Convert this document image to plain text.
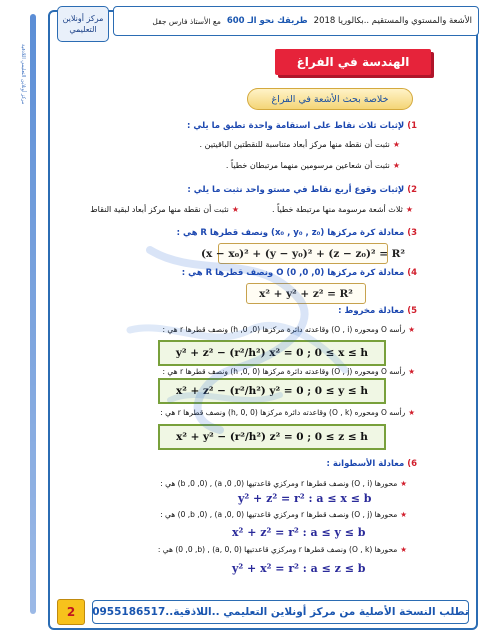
مركز أونلاين التعليمي اللاذقية
مركز أونلاين
التعليمي
الأشعة والمستوي والمستقيم ..بكالوريا 2018
طريقك نحو الـ 600
مع الأستاذ فارس جقل
الهندسة في الفراغ
خلاصة بحث الأشعة في الفراغ
1) لإثبات ثلاث نقاط على استقامة واحدة تطبق ما يلي :
★نثبت أن نقطة منها مركز أبعاد متناسبة للنقطتين الباقيتين .
★نثبت أن شعاعين مرسومين منهما مرتبطان خطياً .
2) لإثبات وقوع أربع نقاط في مستو واحد نثبت ما يلي :
★ثلاث أشعة مرسومة منها مرتبطة خطياً .
★نثبت أن نقطة منها مركز أبعاد لبقية النقاط
3) معادلة كرة مركزها (x₀ , y₀ , z₀) ونصف قطرها R هي :
(x − x₀)² + (y − y₀)² + (z − z₀)² = R²
4) معادلة كرة مركزها O (0 ,0 ,0) ونصف قطرها R هي :
x² + y² + z² = R²
5) معادلة مخروط :
★رأسه O ومحوره (O , i) وقاعدته دائرة مركزها (h ,0 ,0) ونصف قطرها r هي :
y² + z² − (r²/h²) x² = 0 ; 0 ≤ x ≤ h
★رأسه O ومحوره (O , j) وقاعدته دائرة مركزها (0 ,h ,0) ونصف قطرها r هي :
x² + z² − (r²/h²) y² = 0 ; 0 ≤ y ≤ h
★رأسه O ومحوره (O , k) وقاعدته دائرة مركزها (0 ,0 ,h) ونصف قطرها r هي :
x² + y² − (r²/h²) z² = 0 ; 0 ≤ z ≤ h
6) معادلة الأسطوانة :
★محورها (O , i) ونصف قطرها r ومركزي قاعدتيها (a ,0 ,0) , (b ,0 ,0) هي :
y² + z² = r² : a ≤ x ≤ b
★محورها (O , j) ونصف قطرها r ومركزي قاعدتيها (0 ,a ,0) , (0 ,b ,0) هي :
x² + z² = r² : a ≤ y ≤ b
★محورها (O , k) ونصف قطرها r ومركزي قاعدتيها (0 ,0 ,a) , (0 ,0 ,b) هي :
y² + x² = r² : a ≤ z ≤ b
2	تطلب النسخة الأصلية من مركز أونلاين التعليمي ..اللاذقية..0955186517
